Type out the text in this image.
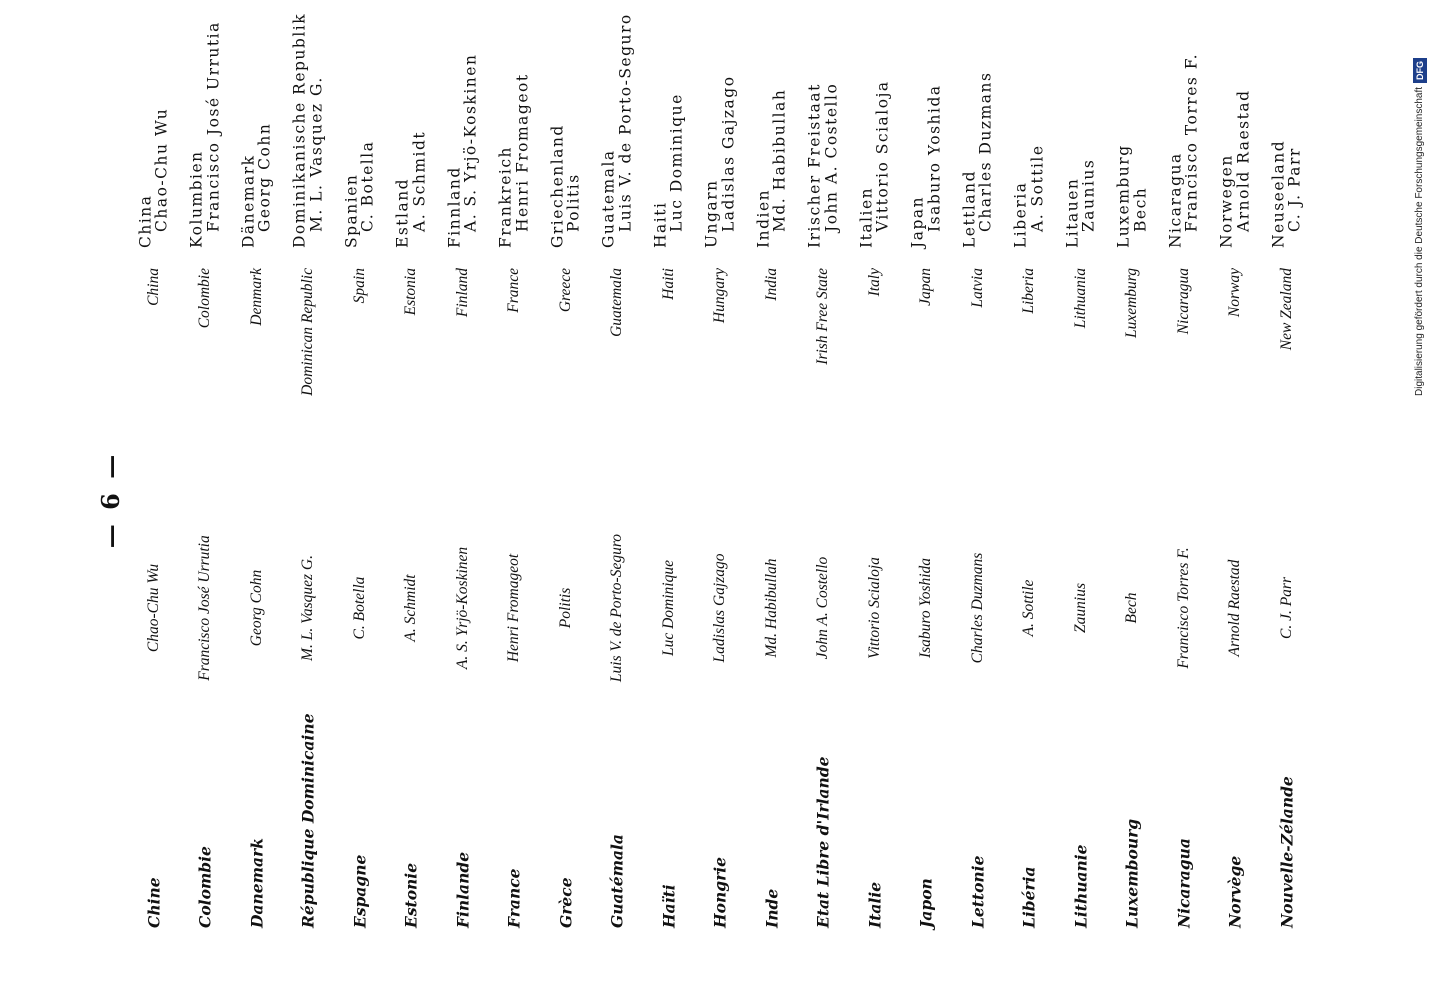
— 6 —
Chine
Chao-Chu Wu
China
China
Chao-Chu Wu
Colombie
Francisco José Urrutia
Colombie
Kolumbien
Francisco José Urrutia
Danemark
Georg Cohn
Denmark
Dänemark
Georg Cohn
République Dominicaine
M. L. Vasquez G.
Dominican Republic
Dominikanische Republik
M. L. Vasquez G.
Espagne
C. Botella
Spain
Spanien
C. Botella
Estonie
A. Schmidt
Estonia
Estland
A. Schmidt
Finlande
A. S. Yrjö-Koskinen
Finland
Finnland
A. S. Yrjö-Koskinen
France
Henri Fromageot
France
Frankreich
Henri Fromageot
Grèce
Politis
Greece
Griechenland
Politis
Guatémala
Luis V. de Porto-Seguro
Guatemala
Guatemala
Luis V. de Porto-Seguro
Haïti
Luc Dominique
Haiti
Haiti
Luc Dominique
Hongrie
Ladislas Gajzago
Hungary
Ungarn
Ladislas Gajzago
Inde
Md. Habibullah
India
Indien
Md. Habibullah
Etat Libre d'Irlande
John A. Costello
Irish Free State
Irischer Freistaat
John A. Costello
Italie
Vittorio Scialoja
Italy
Italien
Vittorio Scialoja
Japon
Isaburo Yoshida
Japan
Japan
Isaburo Yoshida
Lettonie
Charles Duzmans
Latvia
Lettland
Charles Duzmans
Libéria
A. Sottile
Liberia
Liberia
A. Sottile
Lithuanie
Zaunius
Lithuania
Litauen
Zaunius
Luxembourg
Bech
Luxemburg
Luxemburg
Bech
Nicaragua
Francisco Torres F.
Nicaragua
Nicaragua
Francisco Torres F.
Norvège
Arnold Raestad
Norway
Norwegen
Arnold Raestad
Nouvelle-Zélande
C. J. Parr
New Zealand
Neuseeland
C. J. Parr	Digitalisierung gefördert durch die Deutsche Forschungsgemeinschaft
DFG
